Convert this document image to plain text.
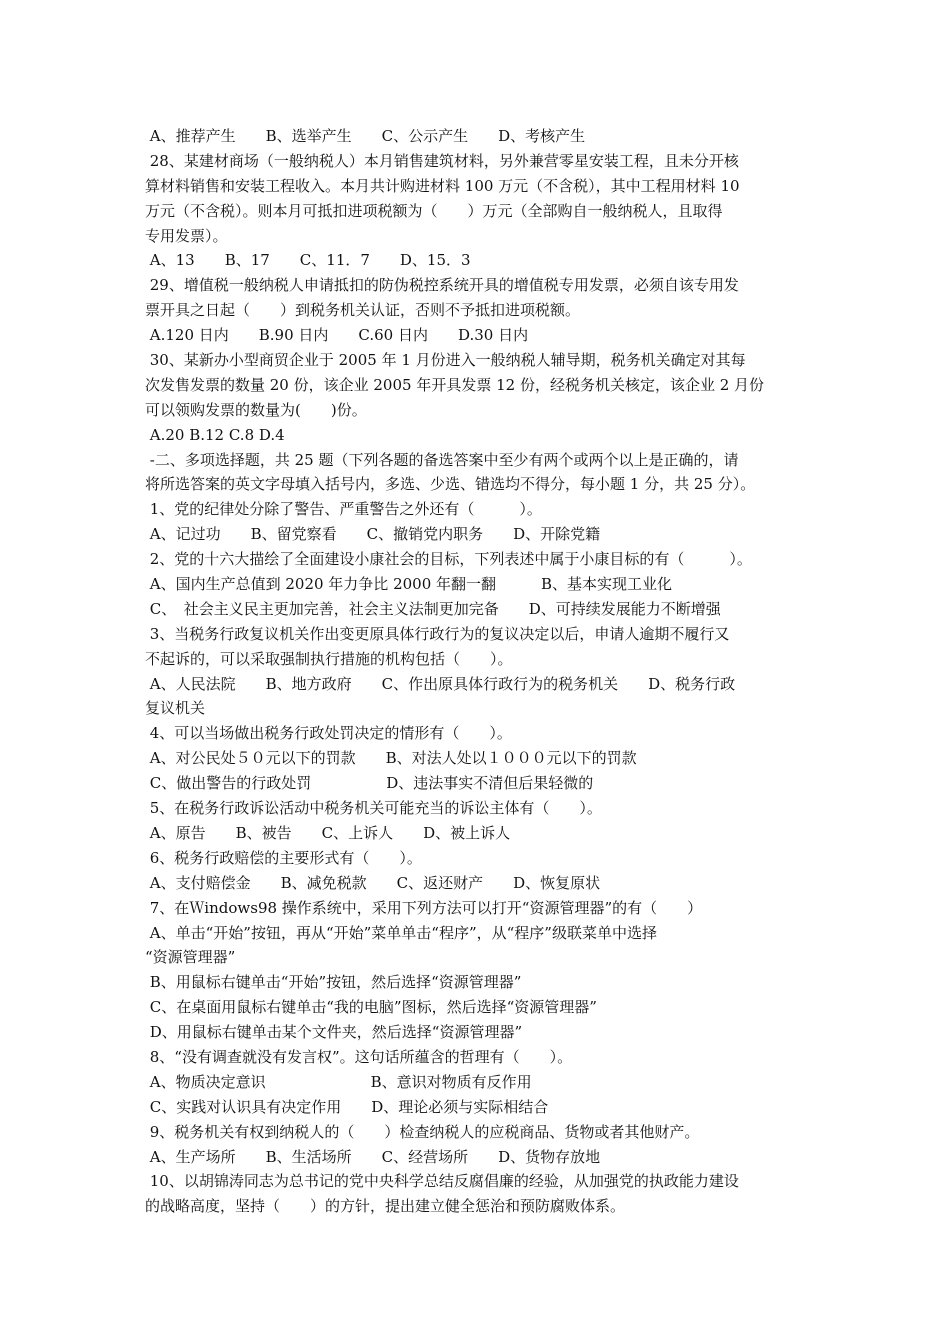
A、推荐产生　　B、选举产生　　C、公示产生　　D、考核产生
28、某建材商场（一般纳税人）本月销售建筑材料，另外兼营零星安装工程，且未分开核
算材料销售和安装工程收入。本月共计购进材料 100 万元（不含税），其中工程用材料 10
万元（不含税）。则本月可抵扣进项税额为（　　）万元（全部购自一般纳税人，且取得
专用发票）。
A、13　　B、17　　C、11．7　　D、15．3
29、增值税一般纳税人申请抵扣的防伪税控系统开具的增值税专用发票，必须自该专用发
票开具之日起（　　）到税务机关认证，否则不予抵扣进项税额。
A.120 日内　　B.90 日内　　C.60 日内　　D.30 日内
30、某新办小型商贸企业于 2005 年 1 月份进入一般纳税人辅导期，税务机关确定对其每
次发售发票的数量 20 份，该企业 2005 年开具发票 12 份，经税务机关核定，该企业 2 月份
可以领购发票的数量为(　　)份。
A.20 B.12 C.8 D.4
-二、多项选择题，共 25 题（下列各题的备选答案中至少有两个或两个以上是正确的，请
将所选答案的英文字母填入括号内，多选、少选、错选均不得分，每小题 1 分，共 25 分）。
1、党的纪律处分除了警告、严重警告之外还有（　　　）。
A、记过功　　B、留党察看　　C、撤销党内职务　　D、开除党籍
2、党的十六大描绘了全面建设小康社会的目标，下列表述中属于小康目标的有（　　　）。
A、国内生产总值到 2020 年力争比 2000 年翻一翻　　　B、基本实现工业化
C、　社会主义民主更加完善，社会主义法制更加完备　　D、可持续发展能力不断增强
3、当税务行政复议机关作出变更原具体行政行为的复议决定以后，申请人逾期不履行又
不起诉的，可以采取强制执行措施的机构包括（　　）。
A、人民法院　　B、地方政府　　C、作出原具体行政行为的税务机关　　D、税务行政
复议机关
4、可以当场做出税务行政处罚决定的情形有（　　）。
A、对公民处５０元以下的罚款　　B、对法人处以１０００元以下的罚款
C、做出警告的行政处罚　　　　　D、违法事实不清但后果轻微的
5、在税务行政诉讼活动中税务机关可能充当的诉讼主体有（　　）。
A、原告　　B、被告　　C、上诉人　　D、被上诉人
6、税务行政赔偿的主要形式有（　　）。
A、支付赔偿金　　B、减免税款　　C、返还财产　　D、恢复原状
7、在Ｗindows98 操作系统中，采用下列方法可以打开“资源管理器”的有（　　）
A、单击“开始”按钮，再从“开始”菜单单击“程序”，从“程序”级联菜单中选择
“资源管理器”
B、用鼠标右键单击“开始”按钮，然后选择“资源管理器”
C、在桌面用鼠标右键单击“我的电脑”图标，然后选择“资源管理器”
D、用鼠标右键单击某个文件夹，然后选择“资源管理器”
8、“没有调查就没有发言权”。这句话所蕴含的哲理有（　　）。
A、物质决定意识　　　　　　　B、意识对物质有反作用
C、实践对认识具有决定作用　　D、理论必须与实际相结合
9、税务机关有权到纳税人的（　　）检查纳税人的应税商品、货物或者其他财产。
A、生产场所　　B、生活场所　　C、经营场所　　D、货物存放地
10、以胡锦涛同志为总书记的党中央科学总结反腐倡廉的经验，从加强党的执政能力建设
的战略高度，坚持（　　）的方针，提出建立健全惩治和预防腐败体系。
